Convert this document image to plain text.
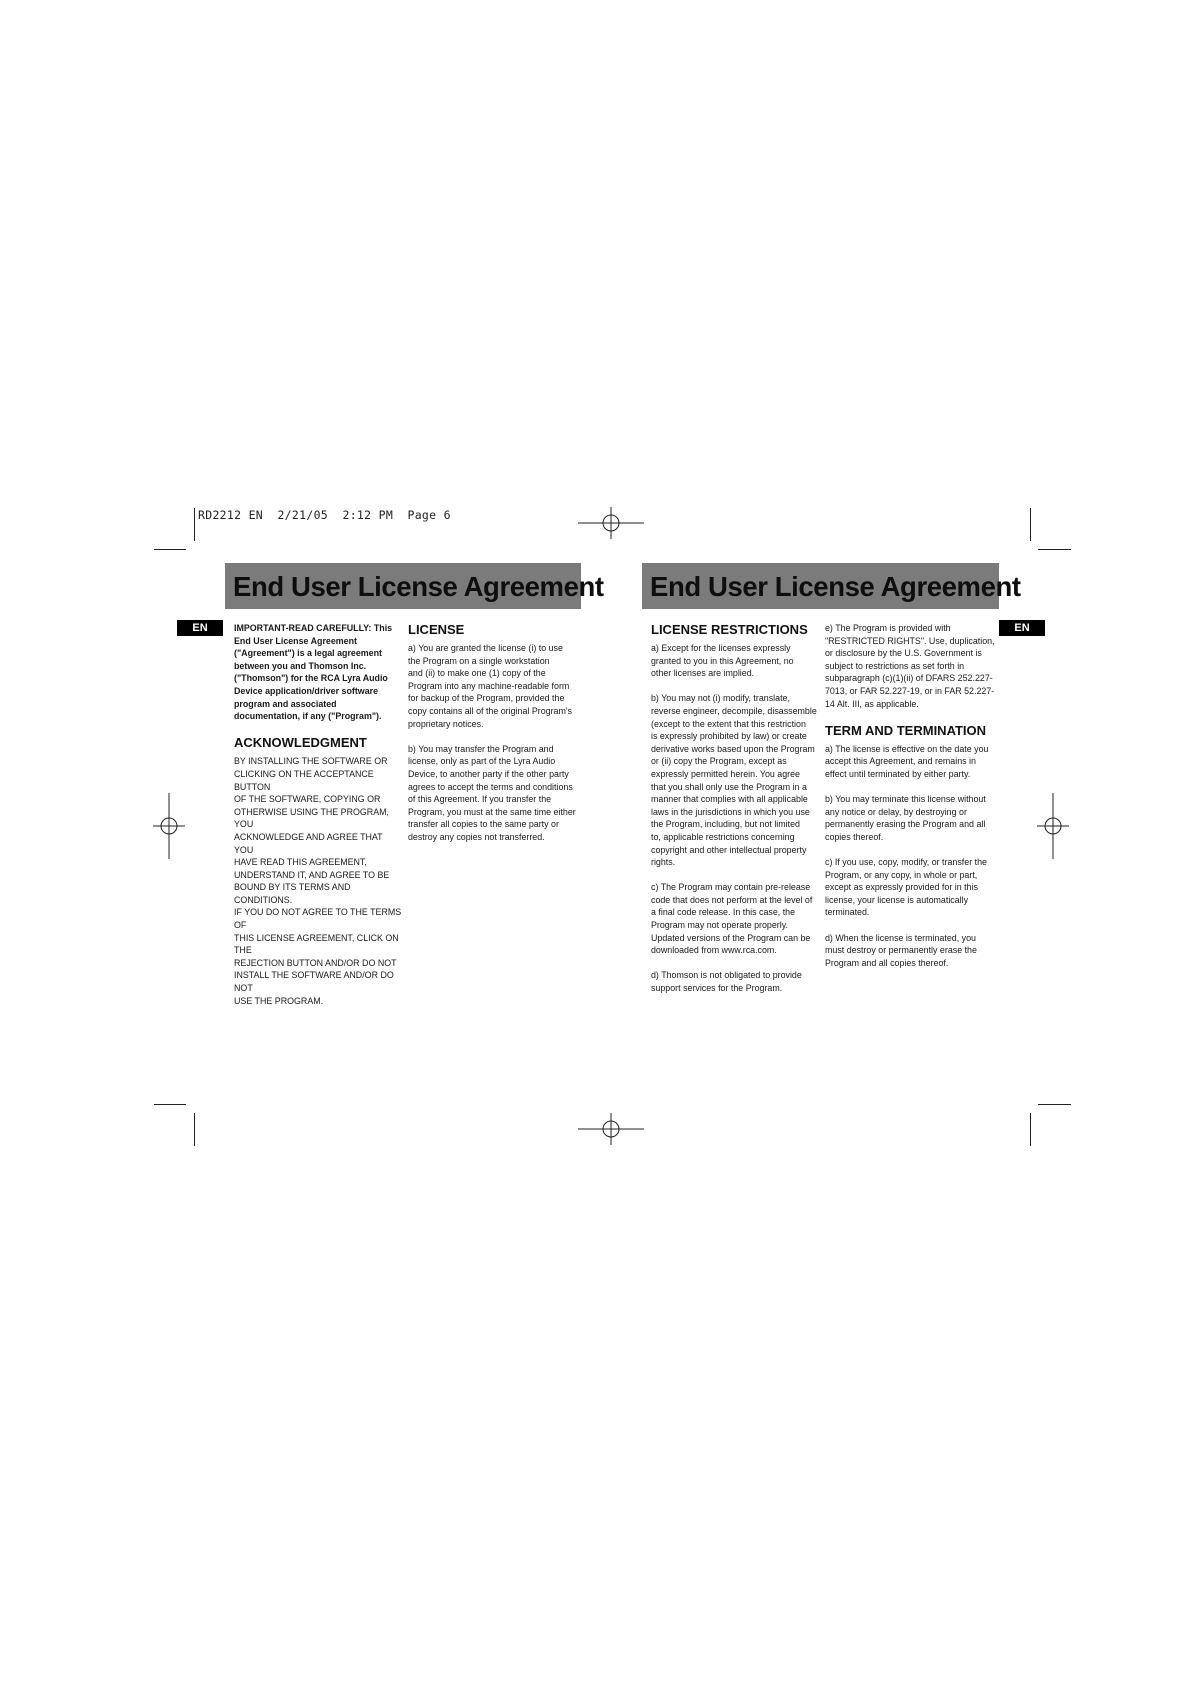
RD2212 EN  2/21/05  2:12 PM  Page 6
End User License Agreement
EN	IMPORTANT-READ CAREFULLY: This
End User License Agreement
("Agreement") is a legal agreement
between you and Thomson Inc.
("Thomson") for the RCA Lyra Audio
Device application/driver software
program and associated
documentation, if any ("Program").

ACKNOWLEDGMENT

BY INSTALLING THE SOFTWARE OR
CLICKING ON THE ACCEPTANCE BUTTON
OF THE SOFTWARE, COPYING OR
OTHERWISE USING THE PROGRAM, YOU
ACKNOWLEDGE AND AGREE THAT YOU
HAVE READ THIS AGREEMENT,
UNDERSTAND IT, AND AGREE TO BE
BOUND BY ITS TERMS AND CONDITIONS.
IF YOU DO NOT AGREE TO THE TERMS OF
THIS LICENSE AGREEMENT, CLICK ON THE
REJECTION BUTTON AND/OR DO NOT
INSTALL THE SOFTWARE AND/OR DO NOT
USE THE PROGRAM.

LICENSE

a) You are granted the license (i) to use
the Program on a single workstation
and (ii) to make one (1) copy of the
Program into any machine-readable form
for backup of the Program, provided the
copy contains all of the original Program's
proprietary notices.

b) You may transfer the Program and
license, only as part of the Lyra Audio
Device, to another party if the other party
agrees to accept the terms and conditions
of this Agreement. If you transfer the
Program, you must at the same time either
transfer all copies to the same party or
destroy any copies not transferred.

End User License Agreement
EN
LICENSE RESTRICTIONS

a) Except for the licenses expressly
granted to you in this Agreement, no
other licenses are implied.

b) You may not (i) modify, translate,
reverse engineer, decompile, disassemble
(except to the extent that this restriction
is expressly prohibited by law) or create
derivative works based upon the Program
or (ii) copy the Program, except as
expressly permitted herein. You agree
that you shall only use the Program in a
manner that complies with all applicable
laws in the jurisdictions in which you use
the Program, including, but not limited
to, applicable restrictions concerning
copyright and other intellectual property
rights.

c) The Program may contain pre-release
code that does not perform at the level of
a final code release. In this case, the
Program may not operate properly.
Updated versions of the Program can be
downloaded from www.rca.com.

d) Thomson is not obligated to provide
support services for the Program.

e) The Program is provided with
"RESTRICTED RIGHTS". Use, duplication,
or disclosure by the U.S. Government is
subject to restrictions as set forth in
subparagraph (c)(1)(ii) of DFARS 252.227-
7013, or FAR 52.227-19, or in FAR 52.227-
14 Alt. III, as applicable.

TERM AND TERMINATION

a) The license is effective on the date you
accept this Agreement, and remains in
effect until terminated by either party.

b) You may terminate this license without
any notice or delay, by destroying or
permanently erasing the Program and all
copies thereof.

c) If you use, copy, modify, or transfer the
Program, or any copy, in whole or part,
except as expressly provided for in this
license, your license is automatically
terminated.

d) When the license is terminated, you
must destroy or permanently erase the
Program and all copies thereof.
